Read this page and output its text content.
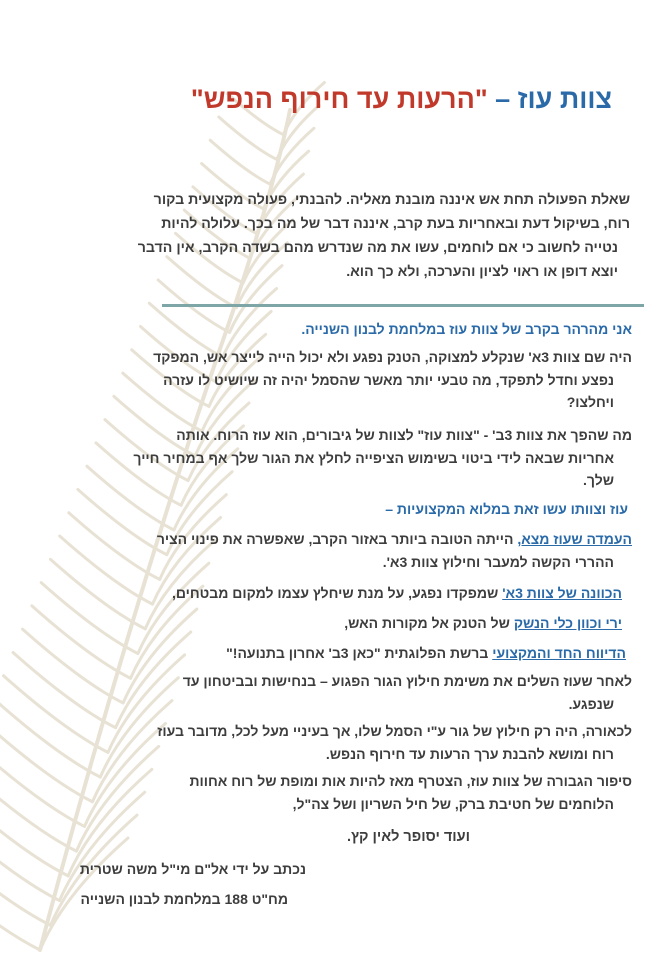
צוות עוז – "הרעות עד חירוף הנפש"
שאלת הפעולה תחת אש איננה מובנת מאליה. להבנתי, פעולה מקצועית בקור
רוח, בשיקול דעת ובאחריות בעת קרב, איננה דבר של מה בכך. עלולה להיות
נטייה לחשוב כי אם לוחמים, עשו את מה שנדרש מהם בשדה הקרב, אין הדבר
יוצא דופן או ראוי לציון והערכה, ולא כך הוא.
אני מהרהר בקרב של צוות עוז במלחמת לבנון השנייה.
היה שם צוות 3א' שנקלע למצוקה, הטנק נפגע ולא יכול הייה לייצר אש, המפקד
נפצע וחדל לתפקד, מה טבעי יותר מאשר שהסמל יהיה זה שיושיט לו עזרה
ויחלצו?
מה שהפך את צוות 3ב' - "צוות עוז" לצוות של גיבורים, הוא עוז הרוח. אותה
אחריות שבאה לידי ביטוי בשימוש הציפייה לחלץ את הגור שלך אף במחיר חייך
שלך.
עוז וצוותו עשו זאת במלוא המקצועיות –
העמדה שעוז מצא, הייתה הטובה ביותר באזור הקרב, שאפשרה את פינוי הציר
ההררי הקשה למעבר וחילוץ צוות 3א'.
הכוונה של צוות 3א' שמפקדו נפגע, על מנת שיחלץ עצמו למקום מבטחים,
ירי וכוון כלי הנשק של הטנק אל מקורות האש,
הדיווח החד והמקצועי ברשת הפלוגתית "כאן 3ב' אחרון בתנועה!"
לאחר שעוז השלים את משימת חילוץ הגור הפגוע – בנחישות ובביטחון עד
שנפגע.
לכאורה, היה רק חילוץ של גור ע"י הסמל שלו, אך בעיניי מעל לכל, מדובר בעוז
רוח ומושא להבנת ערך הרעות עד חירוף הנפש.
סיפור הגבורה של צוות עוז, הצטרף מאז להיות אות ומופת של רוח אחוות
הלוחמים של חטיבת ברק, של חיל השריון ושל צה"ל,
ועוד יסופר לאין קץ.
נכתב על ידי אל"ם מי"ל משה שטרית
מח"ט 188 במלחמת לבנון השנייה
